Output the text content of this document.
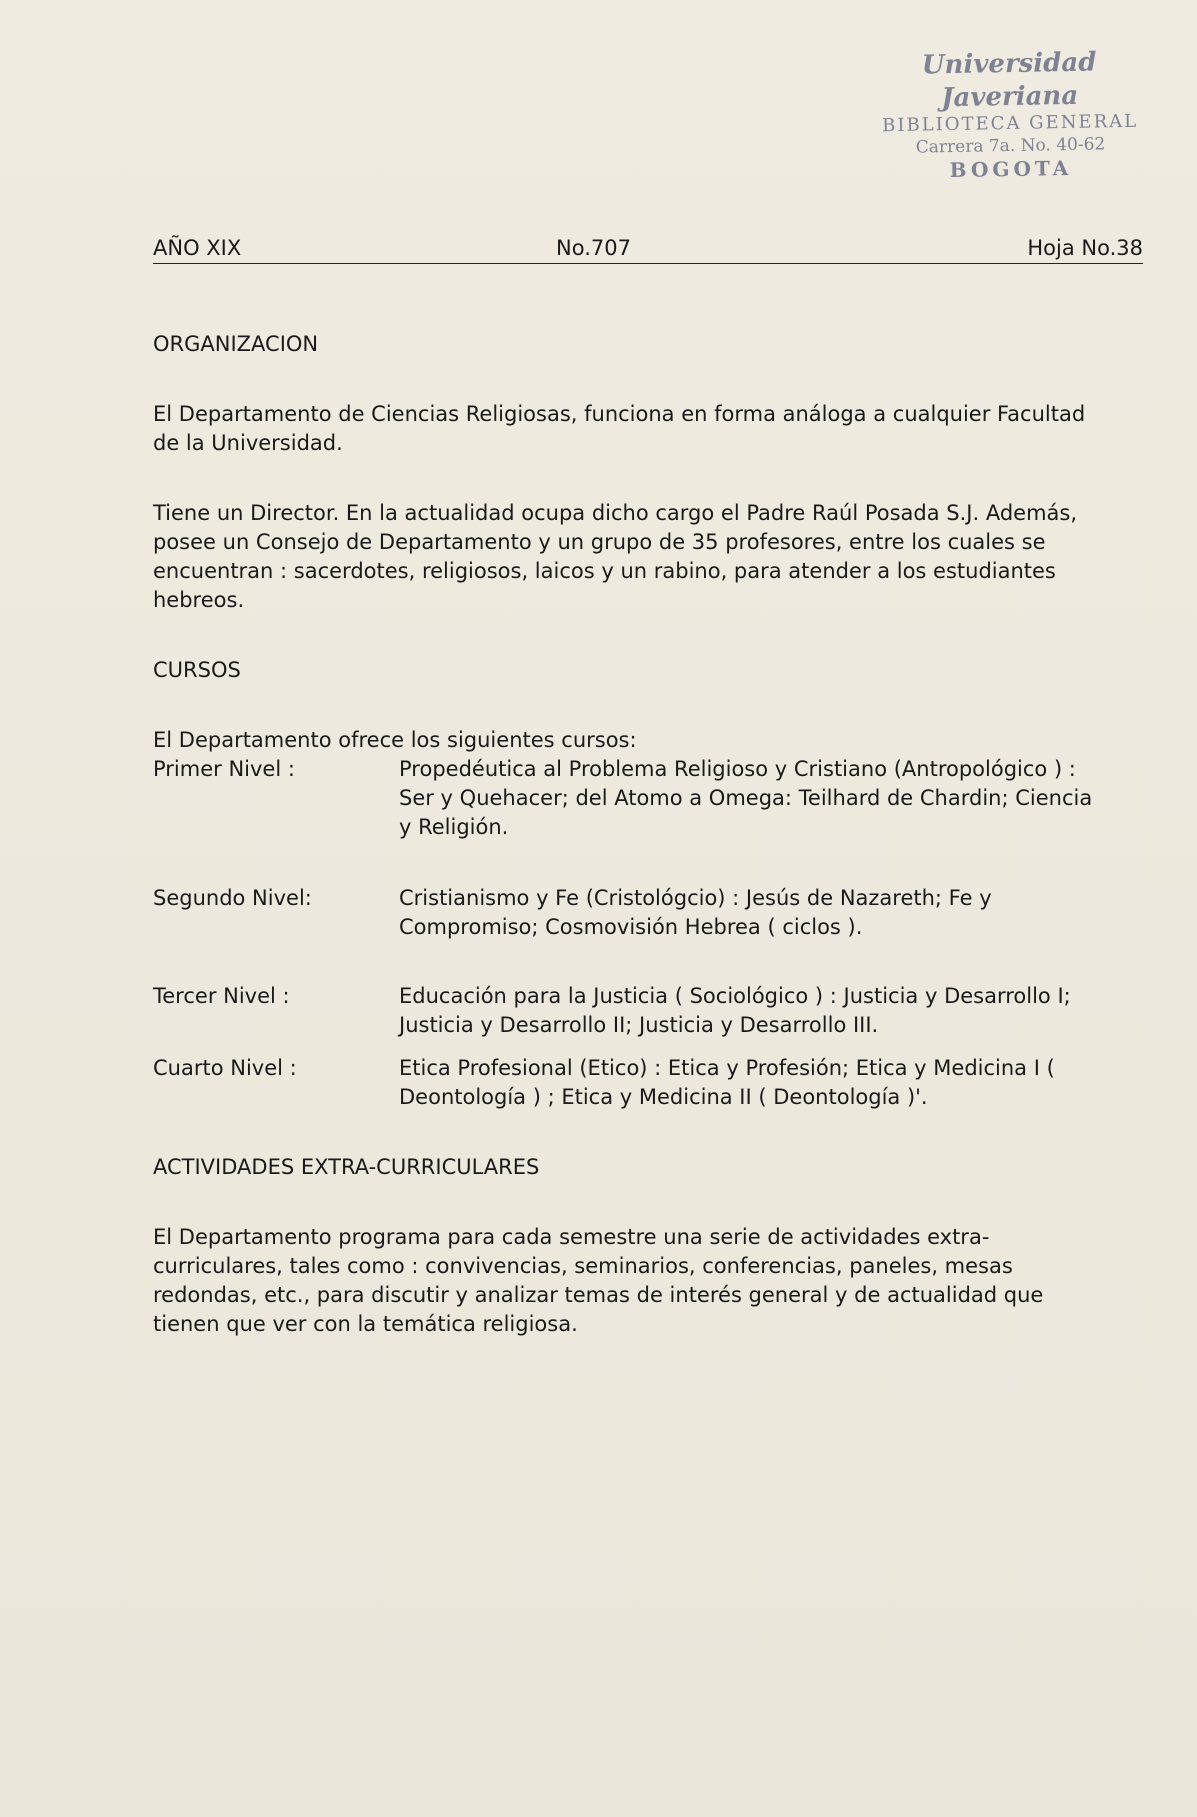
Universidad Javeriana
BIBLIOTECA GENERAL
Carrera 7a. No. 40-62
BOGOTA
AÑO XIX	No.707	Hoja No.38
ORGANIZACION

El Departamento de Ciencias Religiosas, funciona en forma análoga a cualquier Facultad de la Universidad.

Tiene un Director. En la actualidad ocupa dicho cargo el Padre Raúl Posada S.J. Además, posee un Consejo de Departamento y un grupo de 35 profesores, entre los cuales se encuentran : sacerdotes, religiosos, laicos y un rabino, para atender a los estudiantes hebreos.

CURSOS

El Departamento ofrece los siguientes cursos:

Primer Nivel :	Propedéutica al Problema Religioso y Cristiano (Antropológico ) : Ser y Quehacer; del Atomo a Omega: Teilhard de Chardin; Ciencia y Religión.
Segundo Nivel:	Cristianismo y Fe (Cristológcio) : Jesús de Nazareth; Fe y Compromiso; Cosmovisión Hebrea ( ciclos ).
Tercer Nivel :	Educación para la Justicia ( Sociológico ) : Justicia y Desarrollo I; Justicia y Desarrollo II; Justicia y Desarrollo III.
Cuarto Nivel :	Etica Profesional (Etico) : Etica y Profesión; Etica y Medicina I ( Deontología ) ; Etica y Medicina II ( Deontología )'.
ACTIVIDADES EXTRA-CURRICULARES

El Departamento programa para cada semestre una serie de actividades extra-curriculares, tales como : convivencias, seminarios, conferencias, paneles, mesas redondas, etc., para discutir y analizar temas de interés general y de actualidad que tienen que ver con la temática religiosa.
